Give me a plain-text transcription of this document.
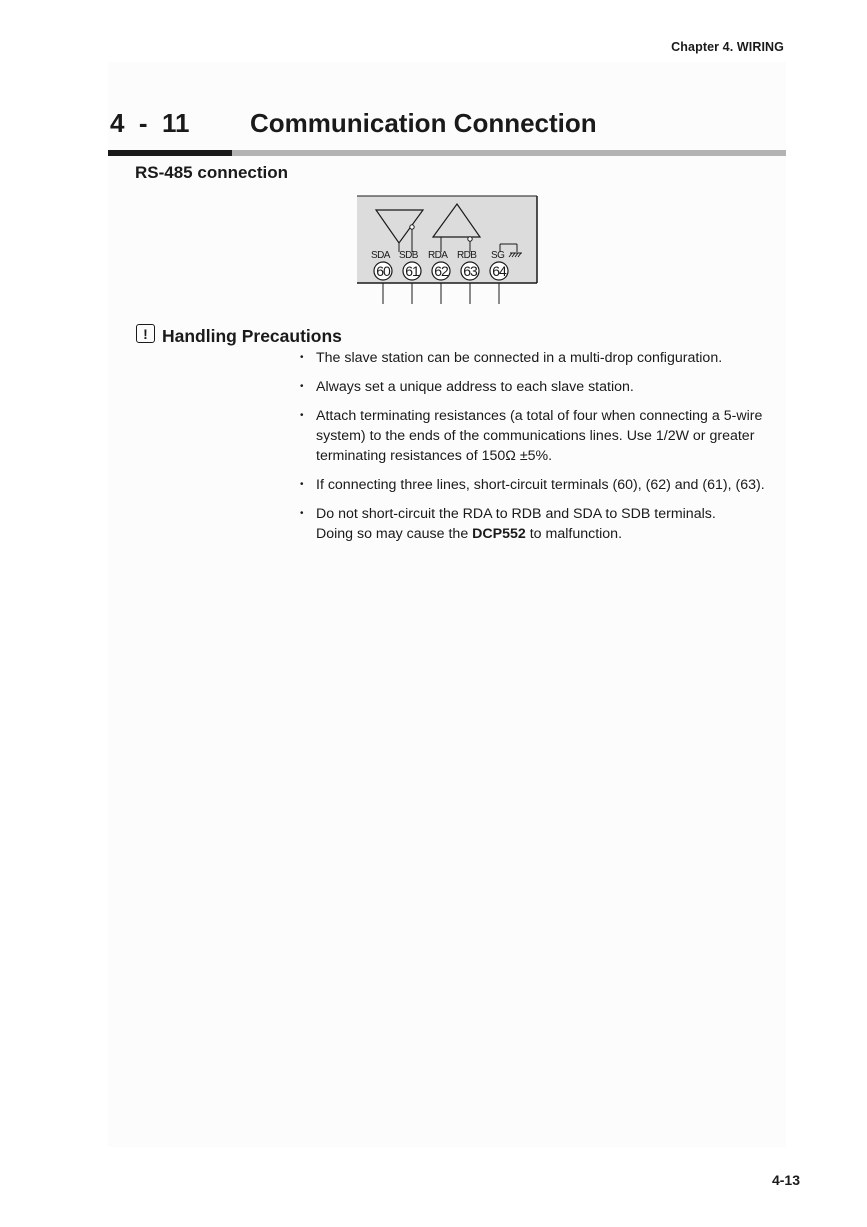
Chapter 4. WIRING
4  -  11	Communication Connection
RS-485 connection
SDA SDB RDA RDB SG
60 61 62 63 64
! Handling Precautions
• The slave station can be connected in a multi-drop configuration.
• Always set a unique address to each slave station.
• Attach terminating resistances (a total of four when connecting a 5-wire system) to the ends of the communications lines. Use 1/2W or greater terminating resistances of 150Ω ±5%.
• If connecting three lines, short-circuit terminals (60), (62) and (61), (63).
• Do not short-circuit the RDA to RDB and SDA to SDB terminals.
Doing so may cause the DCP552 to malfunction.
4-13
